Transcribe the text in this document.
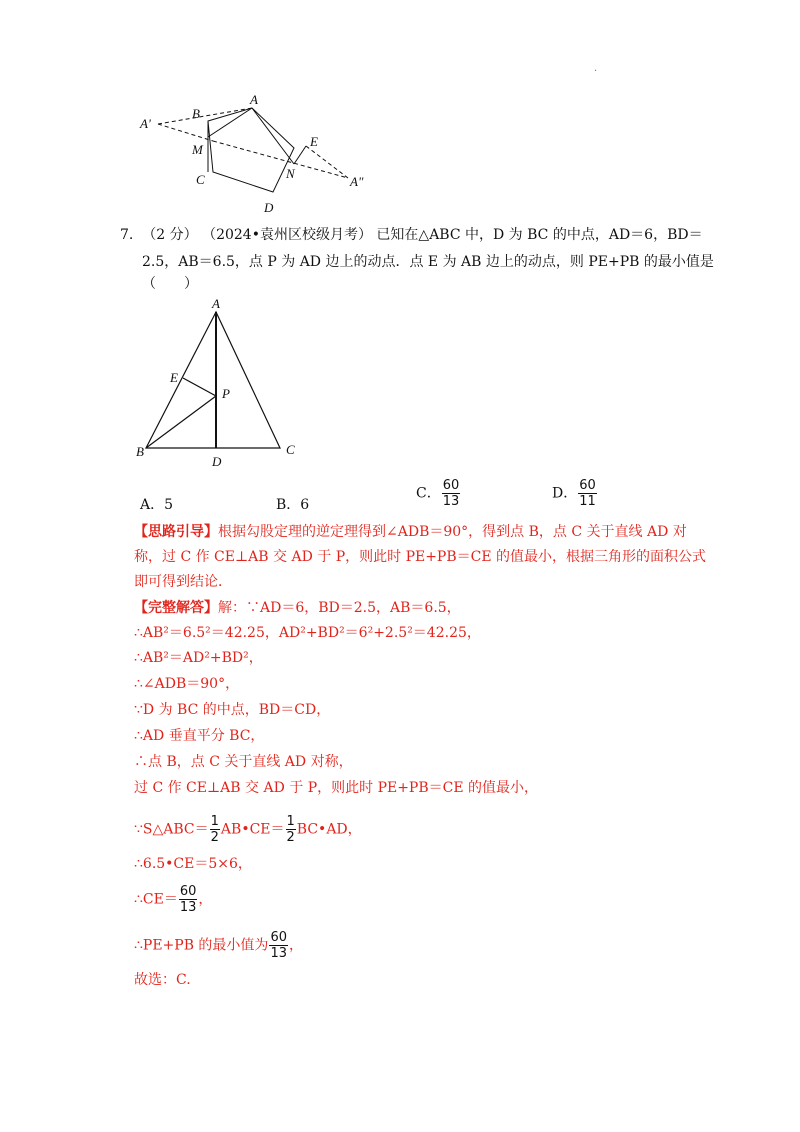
·
A'
B
A
E
M
N
A"
C
D
7. （2 分） （2024•袁州区校级月考） 已知在△ABC 中，D 为 BC 的中点，AD＝6，BD＝
2.5，AB＝6.5，点 P 为 AD 边上的动点．点 E 为 AB 边上的动点，则 PE+PB 的最小值是
（　　）
A
E
P
B
D
C
A．5	B．6
C． $\frac{60}{13}$	D． $\frac{60}{11}$
【思路引导】根据勾股定理的逆定理得到∠ADB＝90°，得到点 B，点 C 关于直线 AD 对
称，过 C 作 CE⊥AB 交 AD 于 P，则此时 PE+PB＝CE 的值最小，根据三角形的面积公式
即可得到结论．
【完整解答】解：∵AD＝6，BD＝2.5，AB＝6.5，
∴AB²＝6.5²＝42.25，AD²+BD²＝6²+2.5²＝42.25，
∴AB²＝AD²+BD²，
∴∠ADB＝90°，
∵D 为 BC 的中点，BD＝CD，
∴AD 垂直平分 BC，
∴点 B，点 C 关于直线 AD 对称，
过 C 作 CE⊥AB 交 AD 于 P，则此时 PE+PB＝CE 的值最小，
∵S△ABC＝ $\frac{1}{2}$ AB•CE＝ $\frac{1}{2}$ BC•AD，
∴6.5•CE＝5×6，
∴CE＝ $\frac{60}{13}$ ，
∴PE+PB 的最小值为 $\frac{60}{13}$ ，
故选：C.
